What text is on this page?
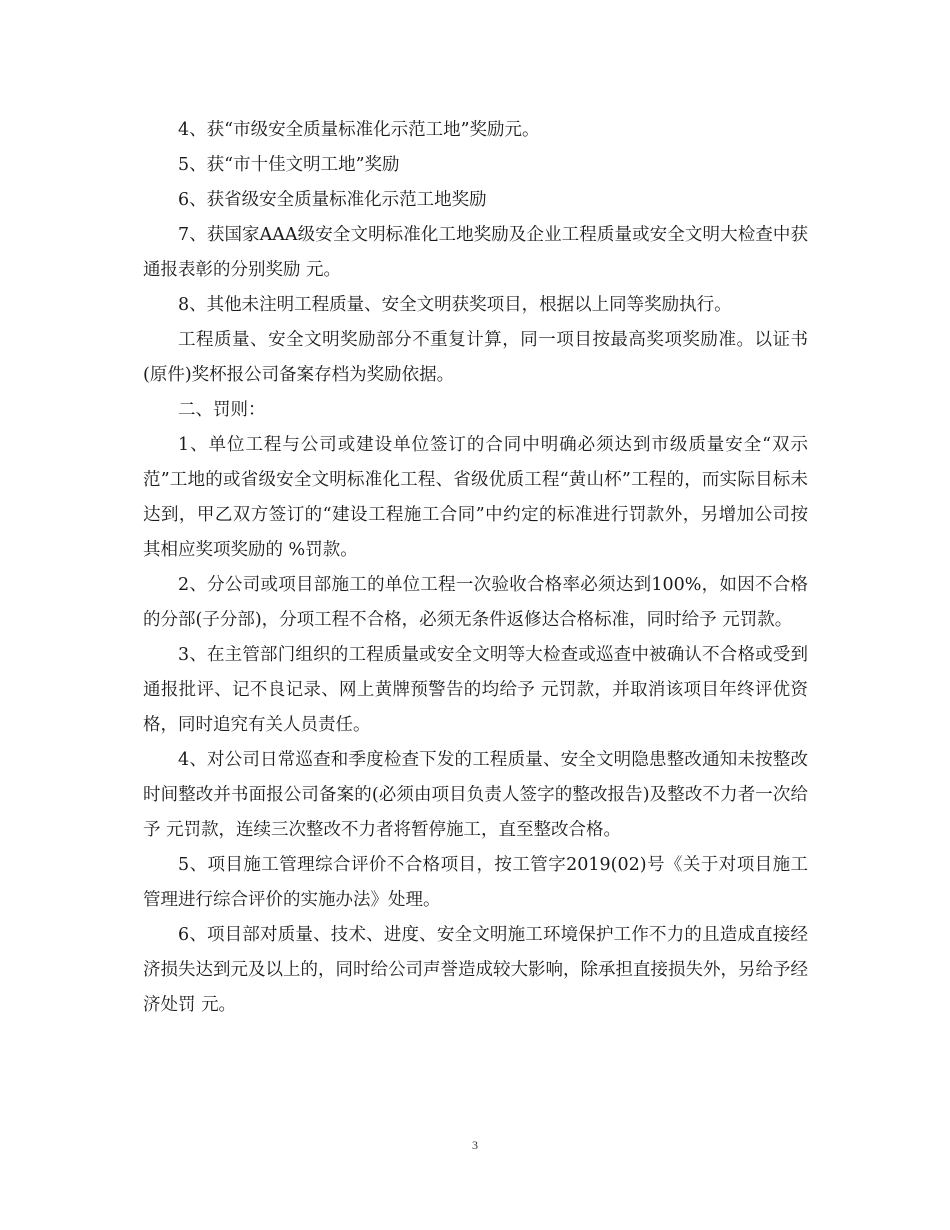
4、获“市级安全质量标准化示范工地”奖励元。

5、获“市十佳文明工地”奖励

6、获省级安全质量标准化示范工地奖励

7、获国家AAA级安全文明标准化工地奖励及企业工程质量或安全文明大检查中获通报表彰的分别奖励 元。

8、其他未注明工程质量、安全文明获奖项目，根据以上同等奖励执行。

工程质量、安全文明奖励部分不重复计算，同一项目按最高奖项奖励准。以证书(原件)奖杯报公司备案存档为奖励依据。

二、罚则：

1、单位工程与公司或建设单位签订的合同中明确必须达到市级质量安全“双示范”工地的或省级安全文明标准化工程、省级优质工程“黄山杯”工程的，而实际目标未达到，甲乙双方签订的“建设工程施工合同”中约定的标准进行罚款外，另增加公司按其相应奖项奖励的 %罚款。

2、分公司或项目部施工的单位工程一次验收合格率必须达到100%，如因不合格的分部(子分部)，分项工程不合格，必须无条件返修达合格标准，同时给予 元罚款。

3、在主管部门组织的工程质量或安全文明等大检查或巡查中被确认不合格或受到通报批评、记不良记录、网上黄牌预警告的均给予 元罚款，并取消该项目年终评优资格，同时追究有关人员责任。

4、对公司日常巡查和季度检查下发的工程质量、安全文明隐患整改通知未按整改时间整改并书面报公司备案的(必须由项目负责人签字的整改报告)及整改不力者一次给予 元罚款，连续三次整改不力者将暂停施工，直至整改合格。

5、项目施工管理综合评价不合格项目，按工管字2019(02)号《关于对项目施工管理进行综合评价的实施办法》处理。

6、项目部对质量、技术、进度、安全文明施工环境保护工作不力的且造成直接经济损失达到元及以上的，同时给公司声誉造成较大影响，除承担直接损失外，另给予经济处罚 元。

3
